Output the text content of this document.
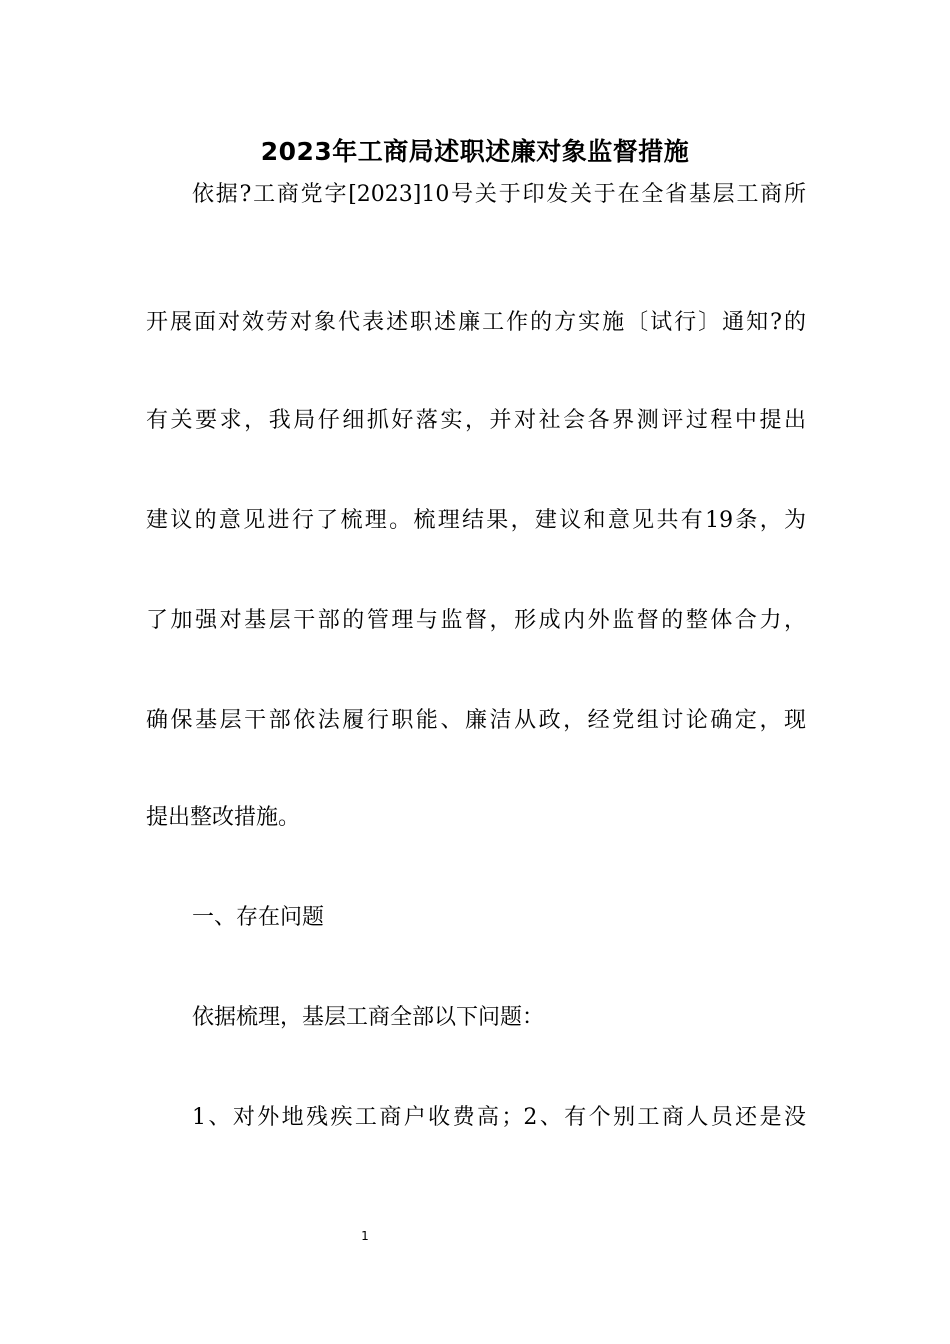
2023年工商局述职述廉对象监督措施
依据?工商党字[2023]10号关于印发关于在全省基层工商所
开展面对效劳对象代表述职述廉工作的方实施〔试行〕通知?的
有关要求，我局仔细抓好落实，并对社会各界测评过程中提出
建议的意见进行了梳理。梳理结果，建议和意见共有19条，为
了加强对基层干部的管理与监督，形成内外监督的整体合力，
确保基层干部依法履行职能、廉洁从政，经党组讨论确定，现
提出整改措施。
一、存在问题
依据梳理，基层工商全部以下问题：
1、对外地残疾工商户收费高；2、有个别工商人员还是没
1
